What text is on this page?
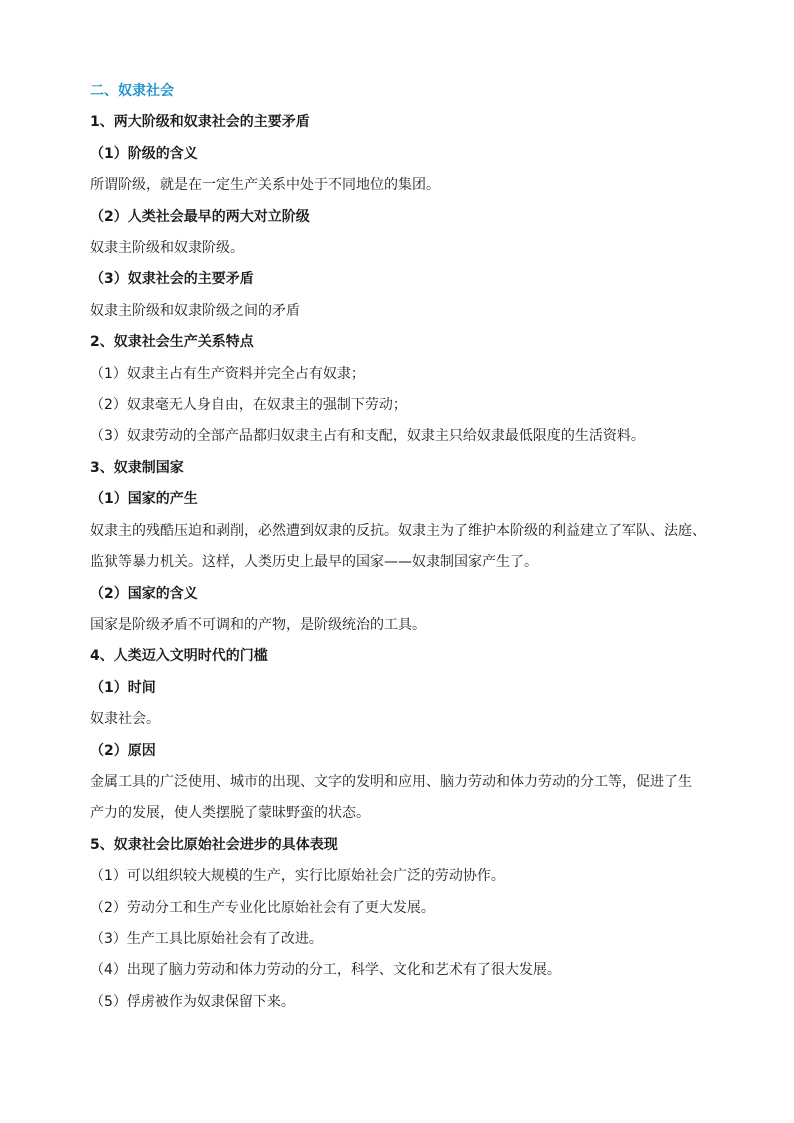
二、奴隶社会
1、两大阶级和奴隶社会的主要矛盾
（1）阶级的含义
所谓阶级，就是在一定生产关系中处于不同地位的集团。
（2）人类社会最早的两大对立阶级
奴隶主阶级和奴隶阶级。
（3）奴隶社会的主要矛盾
奴隶主阶级和奴隶阶级之间的矛盾
2、奴隶社会生产关系特点
（1）奴隶主占有生产资料并完全占有奴隶；
（2）奴隶毫无人身自由，在奴隶主的强制下劳动；
（3）奴隶劳动的全部产品都归奴隶主占有和支配，奴隶主只给奴隶最低限度的生活资料。
3、奴隶制国家
（1）国家的产生
奴隶主的残酷压迫和剥削，必然遭到奴隶的反抗。奴隶主为了维护本阶级的利益建立了军队、法庭、
监狱等暴力机关。这样，人类历史上最早的国家——奴隶制国家产生了。
（2）国家的含义
国家是阶级矛盾不可调和的产物，是阶级统治的工具。
4、人类迈入文明时代的门槛
（1）时间
奴隶社会。
（2）原因
金属工具的广泛使用、城市的出现、文字的发明和应用、脑力劳动和体力劳动的分工等，促进了生
产力的发展，使人类摆脱了蒙昧野蛮的状态。
5、奴隶社会比原始社会进步的具体表现
（1）可以组织较大规模的生产，实行比原始社会广泛的劳动协作。
（2）劳动分工和生产专业化比原始社会有了更大发展。
（3）生产工具比原始社会有了改进。
（4）出现了脑力劳动和体力劳动的分工，科学、文化和艺术有了很大发展。
（5）俘虏被作为奴隶保留下来。
